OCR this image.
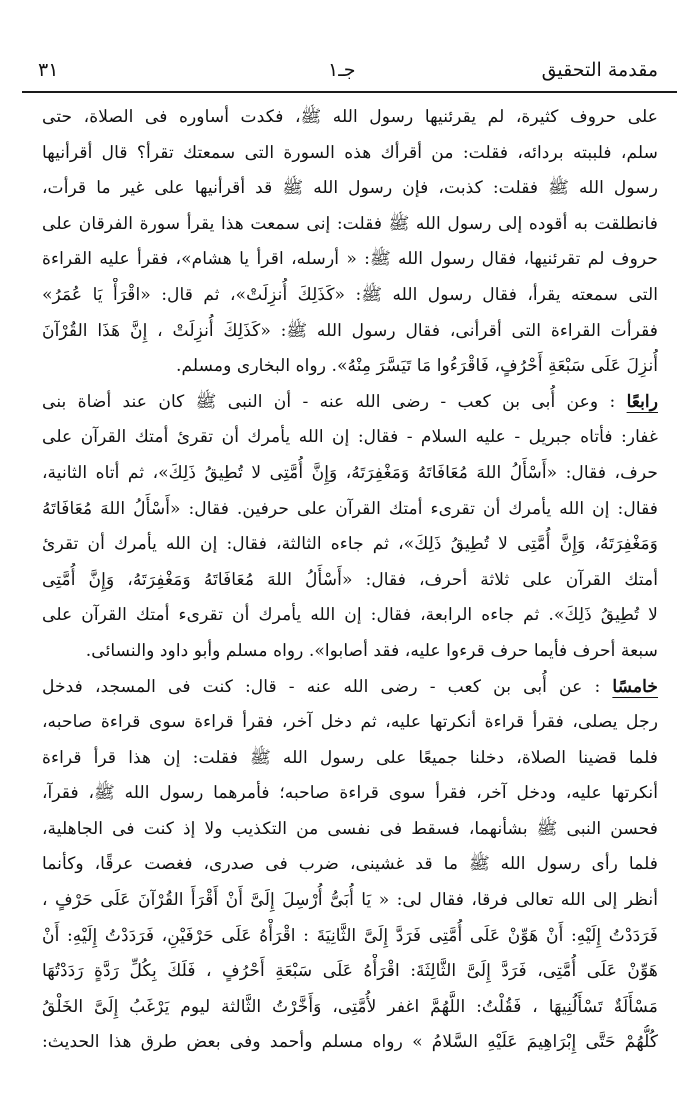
مقدمة التحقيق
جـ١
٣١
على حروف كثيرة، لم يقرئنيها رسول الله ﷺ، فكدت أساوره فى الصلاة، حتى
سلم، فلببته بردائه، فقلت: من أقرأك هذه السورة التى سمعتك تقرأ؟ قال أقرأنيها
رسول الله ﷺ فقلت: كذبت، فإن رسول الله ﷺ قد أقرأنيها على غير ما قرأت،
فانطلقت به أقوده إلى رسول الله ﷺ فقلت: إنى سمعت هذا يقرأ سورة الفرقان على
حروف لم تقرئنيها، فقال رسول الله ﷺ: « أرسله، اقرأ يا هشام»، فقرأ عليه القراءة
التى سمعته يقرأ، فقال رسول الله ﷺ: «كَذَلِكَ أُنزِلَتْ»، ثم قال: «اقْرَأْ يَا عُمَرُ»
فقرأت القراءة التى أقرأنى، فقال رسول الله ﷺ: «كَذَلِكَ أُنزِلَتْ ، إِنَّ هَذَا القُرْآنَ
أُنزِلَ عَلَى سَبْعَةِ أَحْرُفٍ، فَاقْرَءُوا مَا تَيَسَّرَ مِنْهُ». رواه البخارى ومسلم.
رابعًا : وعن أُبى بن كعب - رضى الله عنه - أن النبى ﷺ كان عند أضاة بنى
غفار: فأتاه جبريل - عليه السلام - فقال: إن الله يأمرك أن تقرئ أمتك القرآن على
حرف، فقال: «أَسْأَلُ اللهَ مُعَافَاتَهُ وَمَغْفِرَتَهُ، وَإِنَّ أُمَّتِى لا تُطِيقُ ذَلِكَ»، ثم أتاه الثانية،
فقال: إن الله يأمرك أن تقرىء أمتك القرآن على حرفين. فقال: «أَسْأَلُ اللهَ مُعَافَاتَهُ
وَمَغْفِرَتَهُ، وَإِنَّ أُمَّتِى لا تُطِيقُ ذَلِكَ»، ثم جاءه الثالثة، فقال: إن الله يأمرك أن تقرئ
أمتك القرآن على ثلاثة أحرف، فقال: «أَسْأَلُ اللهَ مُعَافَاتَهُ وَمَغْفِرَتَهُ، وَإِنَّ أُمَّتِى
لا تُطِيقُ ذَلِكَ». ثم جاءه الرابعة، فقال: إن الله يأمرك أن تقرىء أمتك القرآن على
سبعة أحرف فأيما حرف قرءوا عليه، فقد أصابوا». رواه مسلم وأبو داود والنسائى.
خامسًا : عن أُبى بن كعب - رضى الله عنه - قال: كنت فى المسجد، فدخل
رجل يصلى، فقرأ قراءة أنكرتها عليه، ثم دخل آخر، فقرأ قراءة سوى قراءة صاحبه،
فلما قضينا الصلاة، دخلنا جميعًا على رسول الله ﷺ فقلت: إن هذا قرأ قراءة
أنكرتها عليه، ودخل آخر، فقرأ سوى قراءة صاحبه؛ فأمرهما رسول الله ﷺ، فقرآ،
فحسن النبى ﷺ بشأنهما، فسقط فى نفسى من التكذيب ولا إذ كنت فى الجاهلية،
فلما رأى رسول الله ﷺ ما قد غشينى، ضرب فى صدرى، فغصت عرقًا، وكأنما
أنظر إلى الله تعالى فرقا، فقال لى: « يَا أُبَىُّ أُرْسِلَ إِلَىَّ أَنْ أَقْرَأَ القُرْآنَ عَلَى حَرْفٍ ،
فَرَدَدْتُ إِلَيْهِ: أَنْ هَوِّنْ عَلَى أُمَّتِى فَرَدَّ إِلَىَّ الثَّانِيَةَ : اقْرَأْهُ عَلَى حَرْفَيْنِ، فَرَدَدْتُ إِلَيْهِ: أَنْ
هَوِّنْ عَلَى أُمَّتِى، فَرَدَّ إِلَىَّ الثَّالِثَةَ: اقْرَأْهُ عَلَى سَبْعَةِ أَحْرُفٍ ، فَلَكَ بِكُلِّ رَدَّةٍ رَدَدْتُهَا
مَسْأَلَةٌ تَسْأَلُنِيهَا ، فَقُلْتُ: اللَّهُمَّ اغفر لأُمَّتِى، وَأَخَّرْتُ الثَّالثة ليوم يَرْغَبُ إِلَىَّ الخَلْقُ
كُلُّهُمْ حَتَّى إِبْرَاهِيمَ عَلَيْهِ السَّلامُ » رواه مسلم وأحمد وفى بعض طرق هذا الحديث:
